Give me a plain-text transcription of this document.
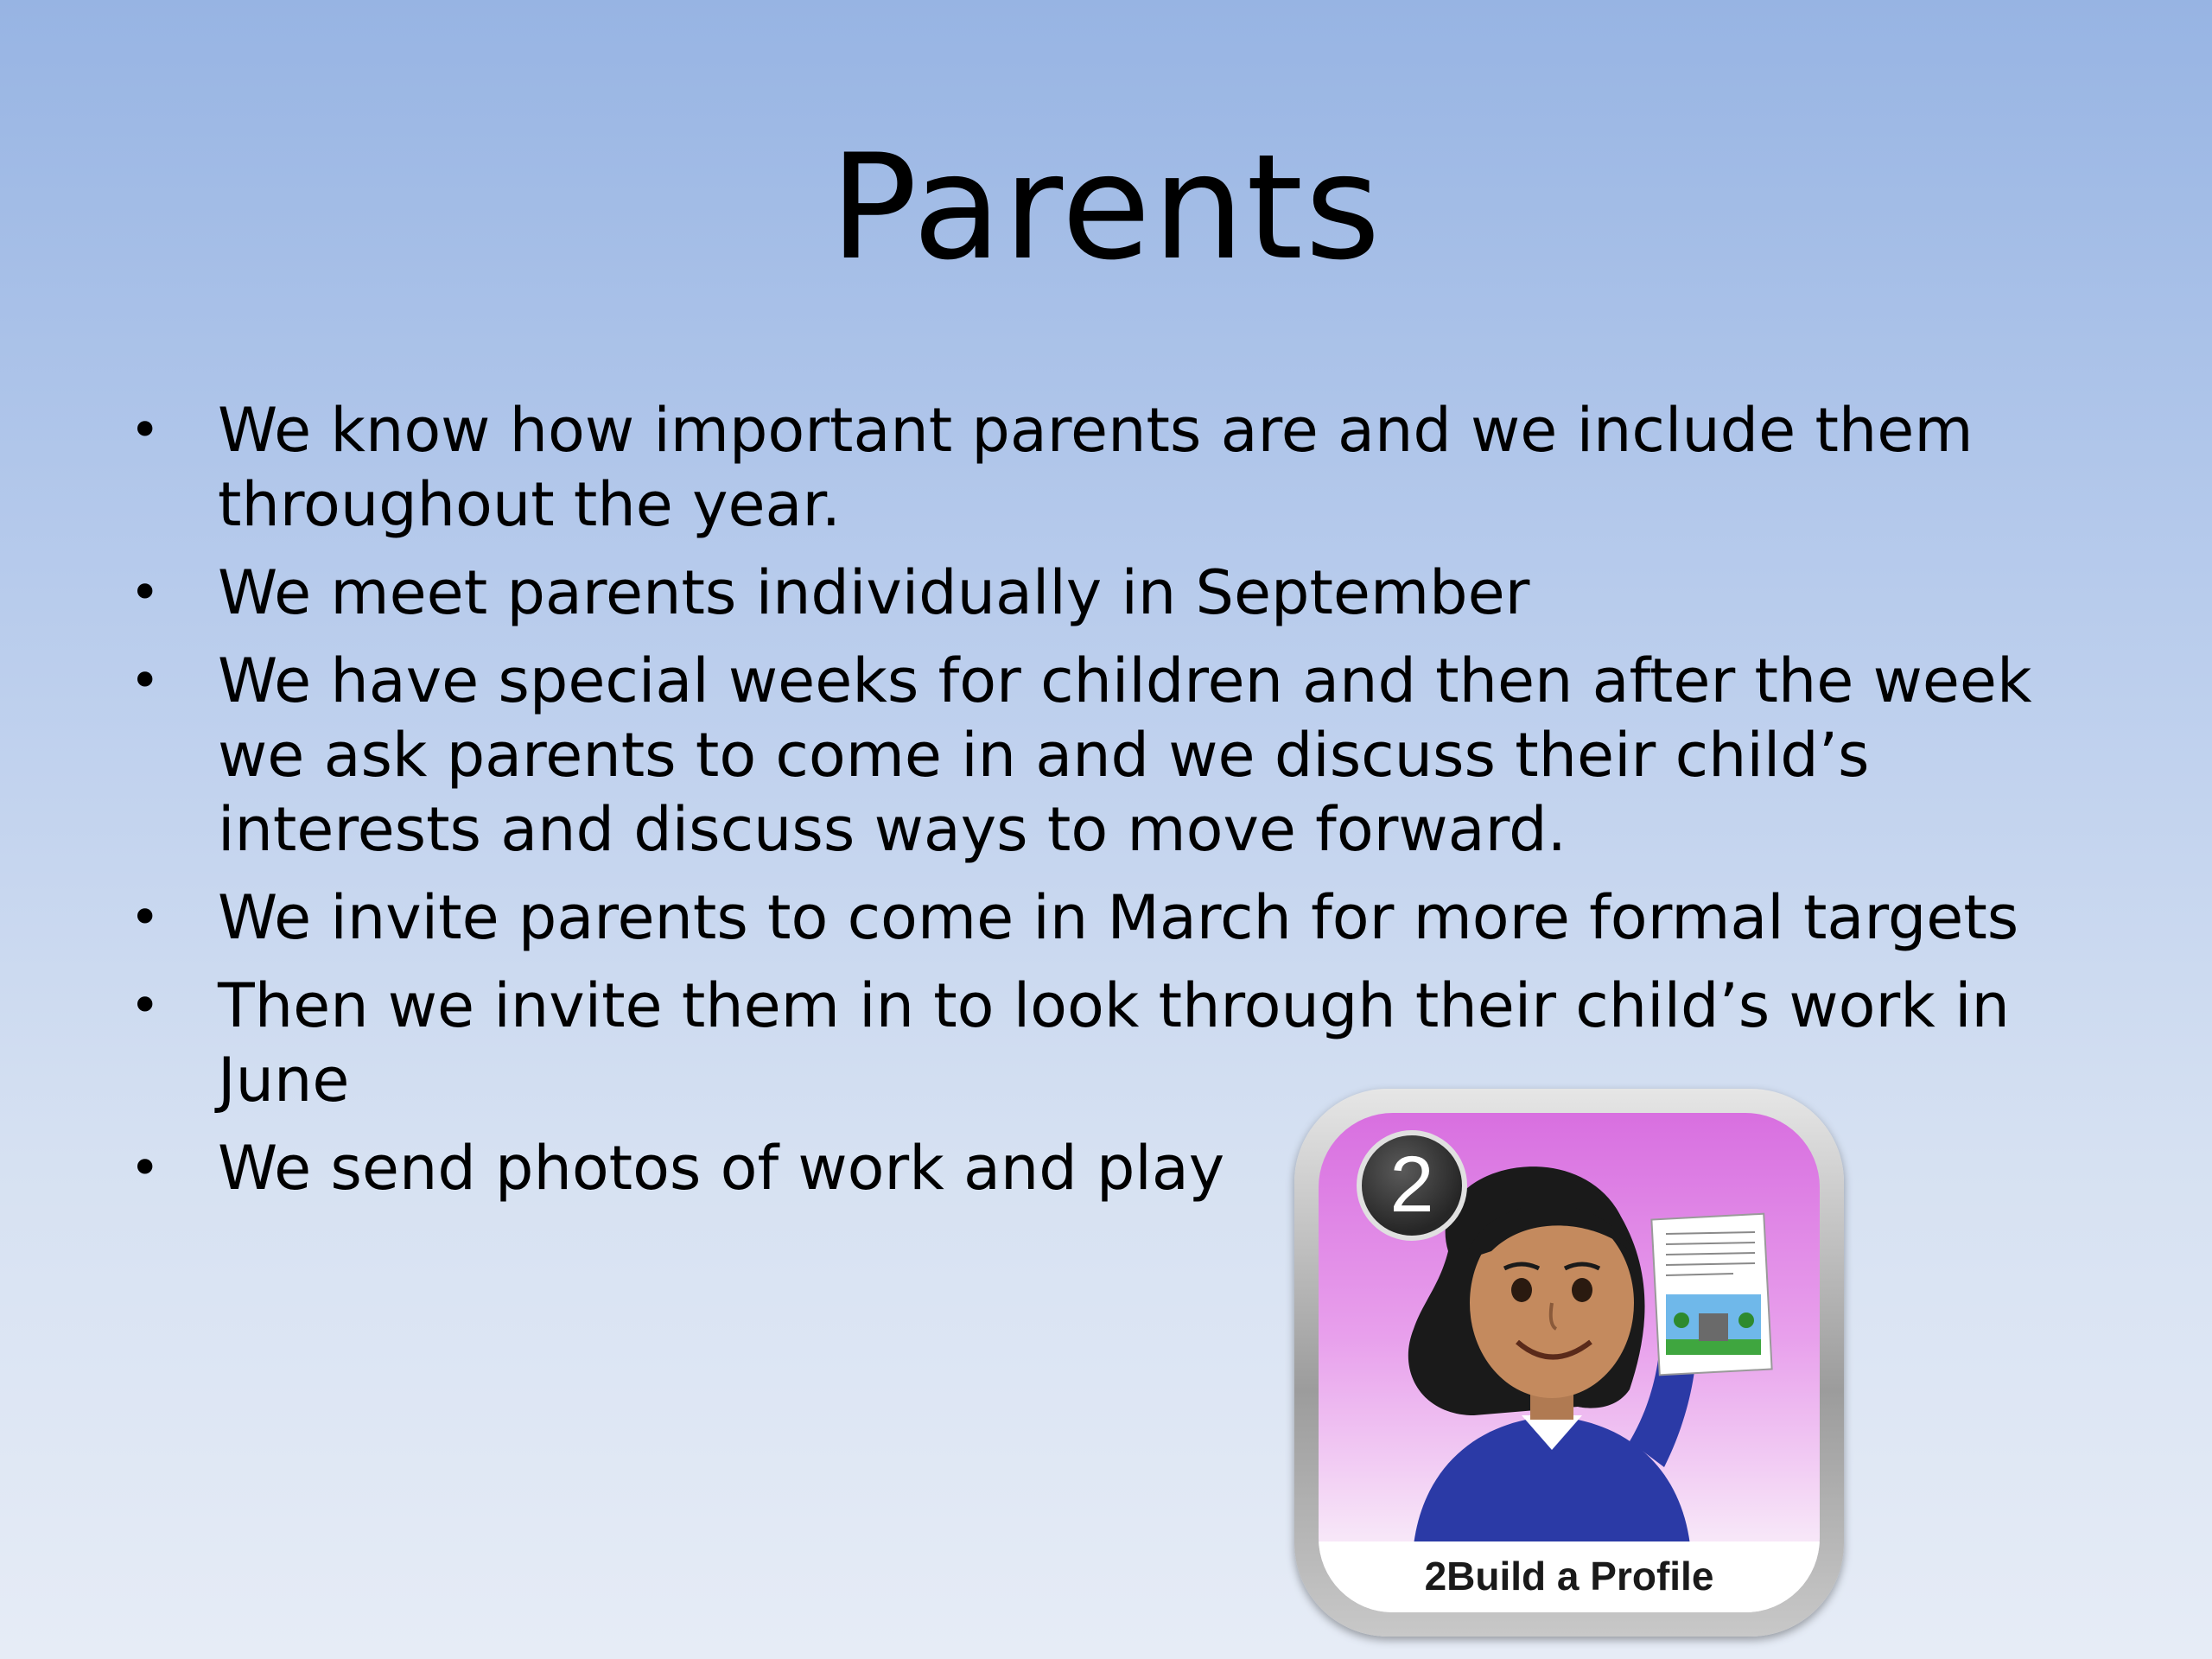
Parents
• We know how important parents are and we include them throughout the year.
• We meet parents individually in September
• We have special weeks for children and then after the week we ask parents to come in and we discuss their child’s interests and discuss ways to move forward.
• We invite parents to come in March for more formal targets
• Then we invite them in to look through their child’s work in June
• We send photos of work and play	2
2Build a Profile
